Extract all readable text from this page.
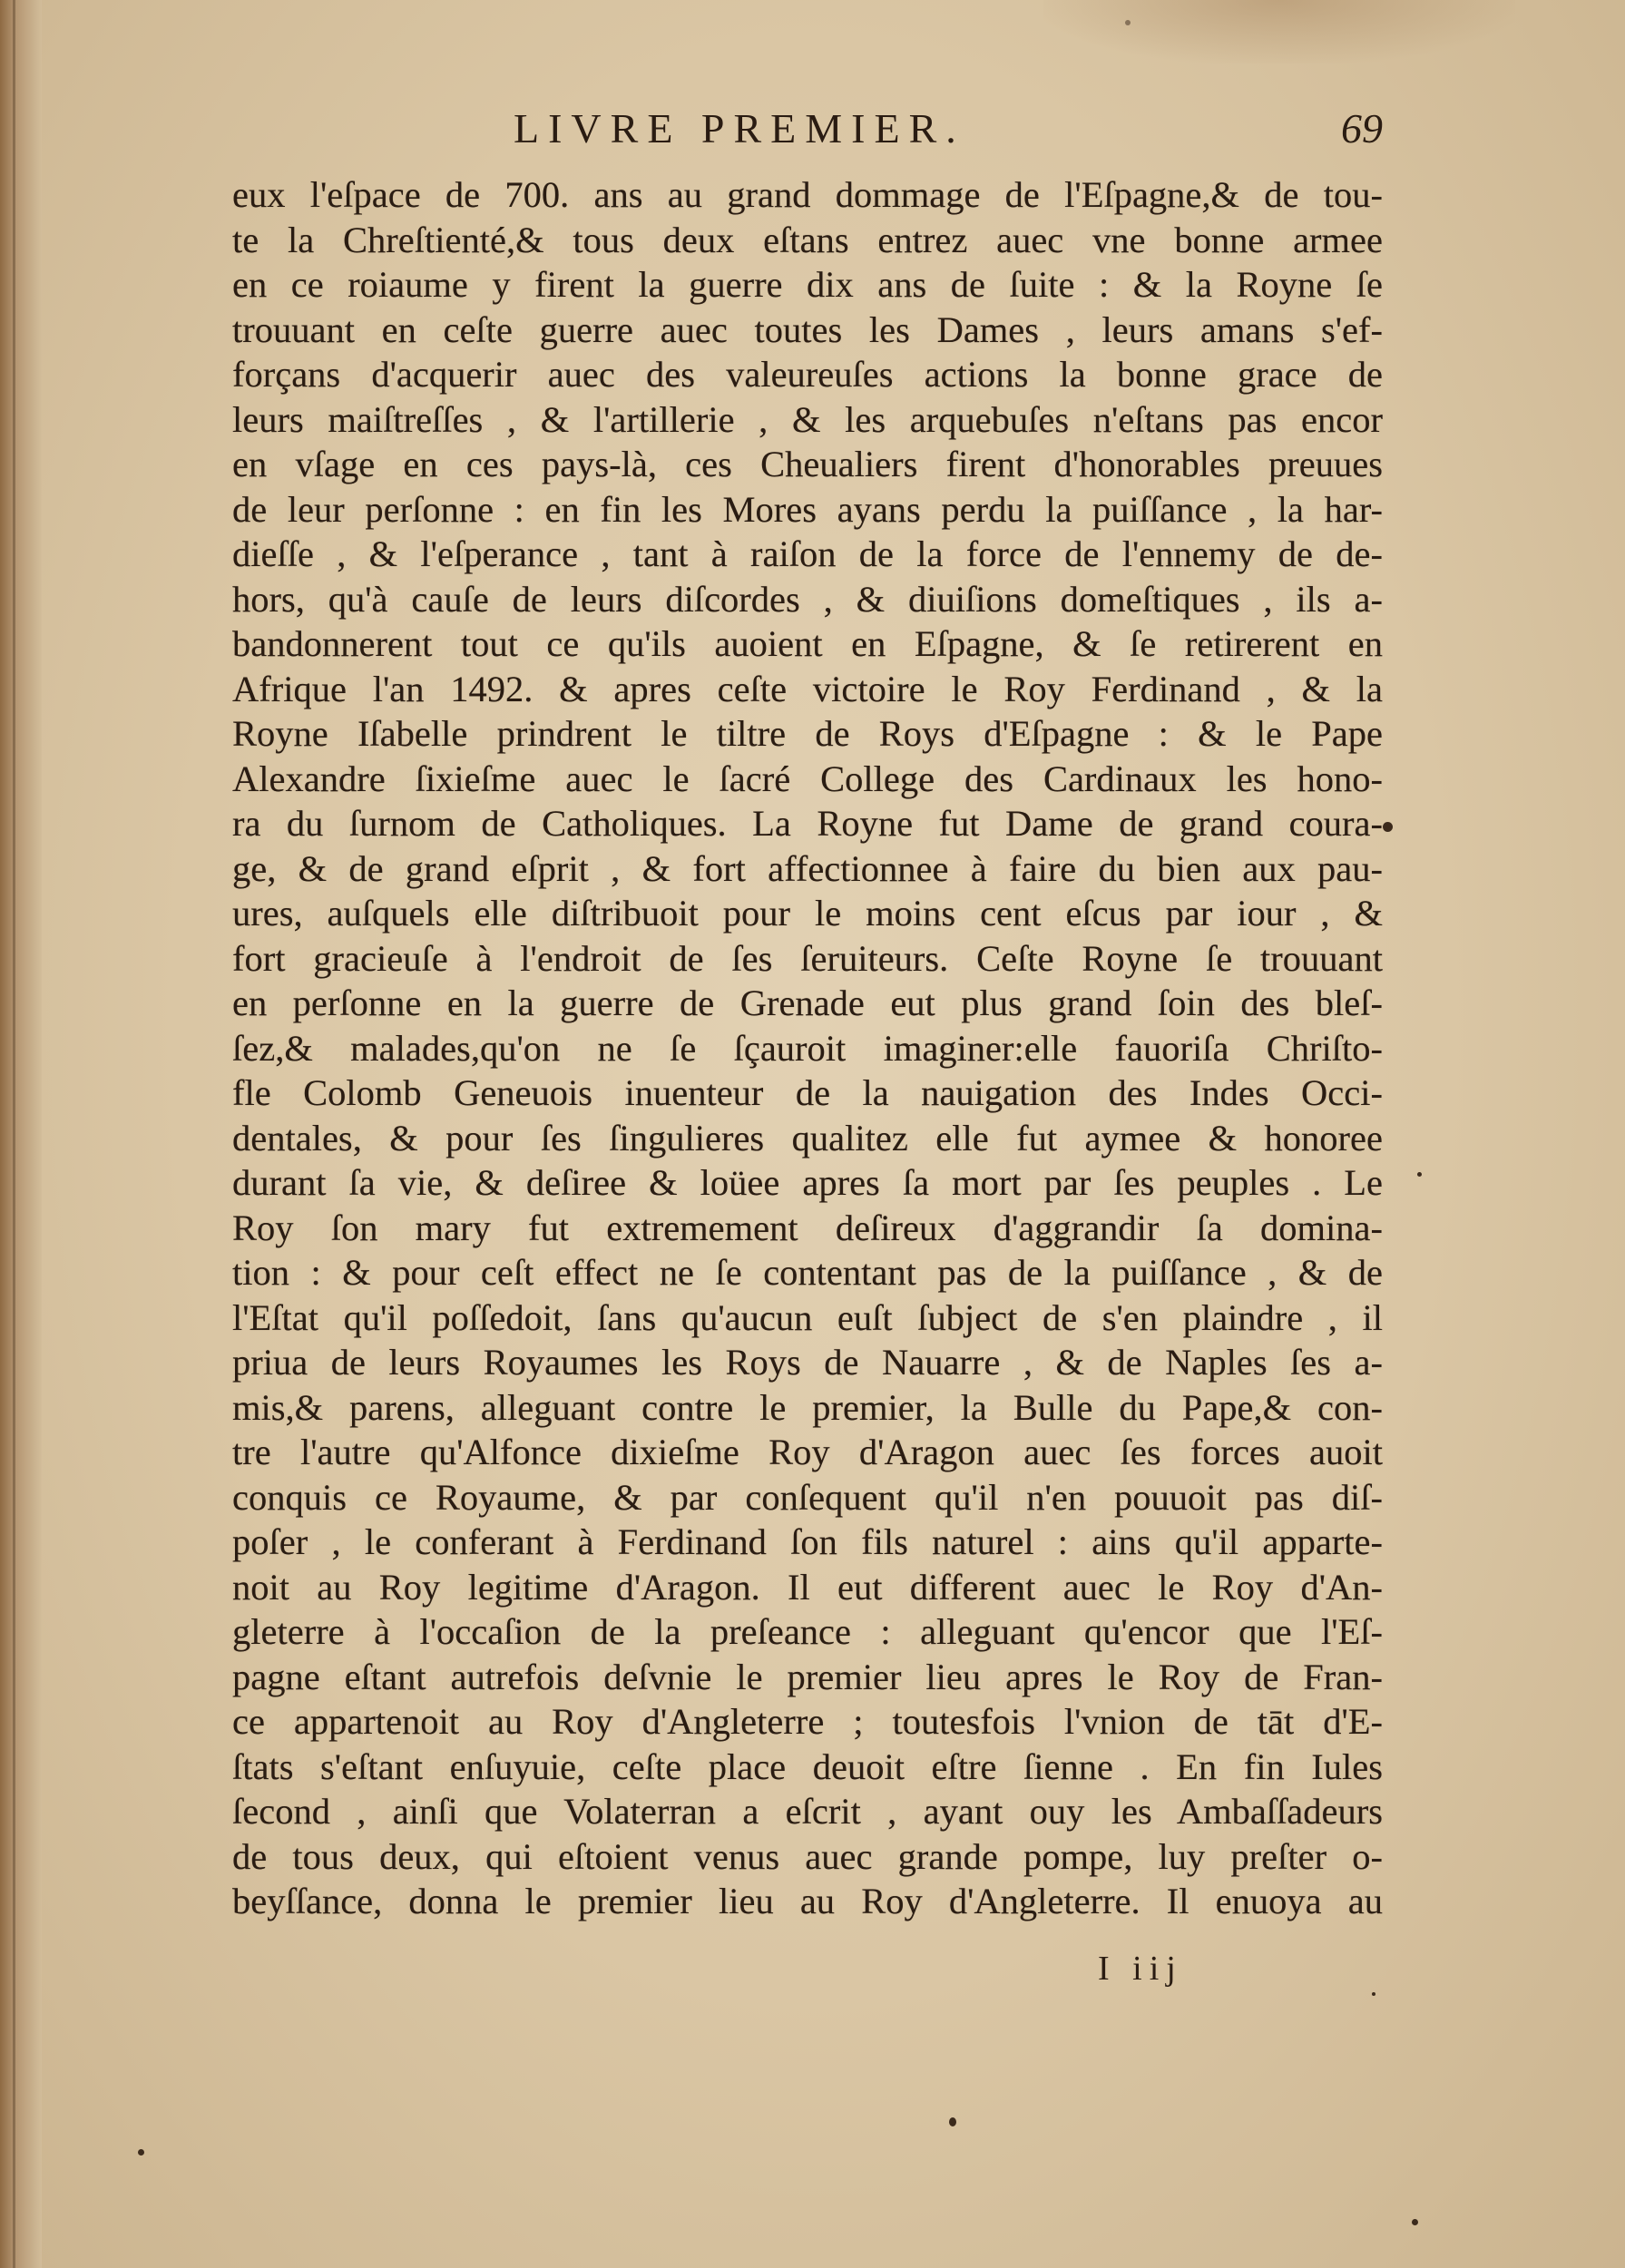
LIVRE PREMIER.	69
eux l'eſpace de 700. ans au grand dommage de l'Eſpagne,& de tou-
te la Chreſtienté,& tous deux eſtans entrez auec vne bonne armee
en ce roiaume y firent la guerre dix ans de ſuite : & la Royne ſe
trouuant en ceſte guerre auec toutes les Dames , leurs amans s'ef-
forçans d'acquerir auec des valeureuſes actions la bonne grace de
leurs maiſtreſſes , & l'artillerie , & les arquebuſes n'eſtans pas encor
en vſage en ces pays-là, ces Cheualiers firent d'honorables preuues
de leur perſonne : en fin les Mores ayans perdu la puiſſance , la har-
dieſſe , & l'eſperance , tant à raiſon de la force de l'ennemy de de-
hors, qu'à cauſe de leurs diſcordes , & diuiſions domeſtiques , ils a-
bandonnerent tout ce qu'ils auoient en Eſpagne, & ſe retirerent en
Afrique l'an 1492. & apres ceſte victoire le Roy Ferdinand , & la
Royne Iſabelle prindrent le tiltre de Roys d'Eſpagne : & le Pape
Alexandre ſixieſme auec le ſacré College des Cardinaux les hono-
ra du ſurnom de Catholiques. La Royne fut Dame de grand coura-
ge, & de grand eſprit , & fort affectionnee à faire du bien aux pau-
ures, auſquels elle diſtribuoit pour le moins cent eſcus par iour , &
fort gracieuſe à l'endroit de ſes ſeruiteurs. Ceſte Royne ſe trouuant
en perſonne en la guerre de Grenade eut plus grand ſoin des bleſ-
ſez,& malades,qu'on ne ſe ſçauroit imaginer:elle fauoriſa Chriſto-
fle Colomb Geneuois inuenteur de la nauigation des Indes Occi-
dentales, & pour ſes ſingulieres qualitez elle fut aymee & honoree
durant ſa vie, & deſiree & loüee apres ſa mort par ſes peuples . Le
Roy ſon mary fut extremement deſireux d'aggrandir ſa domina-
tion : & pour ceſt effect ne ſe contentant pas de la puiſſance , & de
l'Eſtat qu'il poſſedoit, ſans qu'aucun euſt ſubject de s'en plaindre , il
priua de leurs Royaumes les Roys de Nauarre , & de Naples ſes a-
mis,& parens, alleguant contre le premier, la Bulle du Pape,& con-
tre l'autre qu'Alfonce dixieſme Roy d'Aragon auec ſes forces auoit
conquis ce Royaume, & par conſequent qu'il n'en pouuoit pas diſ-
poſer , le conferant à Ferdinand ſon fils naturel : ains qu'il apparte-
noit au Roy legitime d'Aragon. Il eut different auec le Roy d'An-
gleterre à l'occaſion de la preſeance : alleguant qu'encor que l'Eſ-
pagne eſtant autrefois deſvnie le premier lieu apres le Roy de Fran-
ce appartenoit au Roy d'Angleterre ; toutesfois l'vnion de tāt d'E-
ſtats s'eſtant enſuyuie, ceſte place deuoit eſtre ſienne . En fin Iules
ſecond , ainſi que Volaterran a eſcrit , ayant ouy les Ambaſſadeurs
de tous deux, qui eſtoient venus auec grande pompe, luy preſter o-
beyſſance, donna le premier lieu au Roy d'Angleterre. Il enuoya au
I iij
